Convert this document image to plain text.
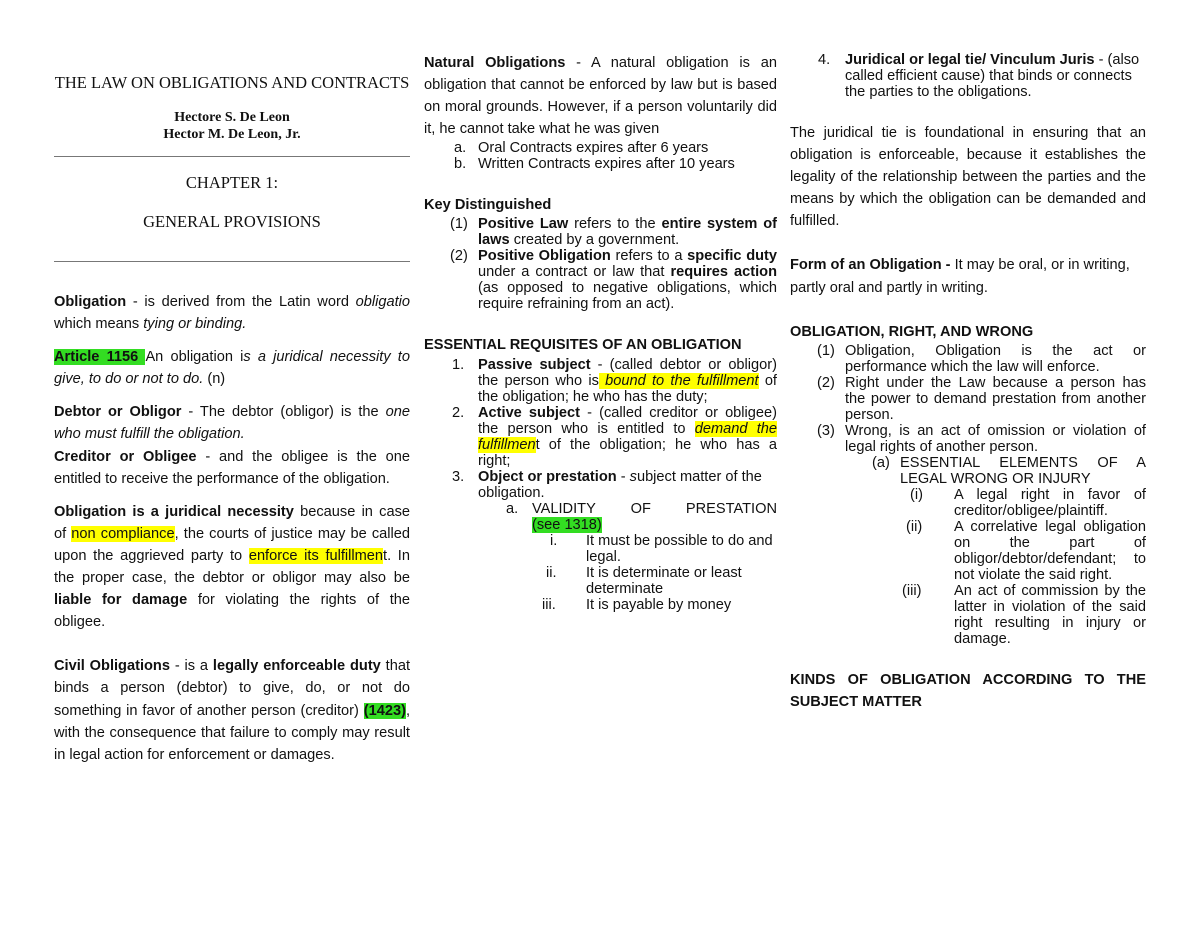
THE LAW ON OBLIGATIONS AND CONTRACTS

Hectore S. De Leon
Hector M. De Leon, Jr.

CHAPTER 1:

GENERAL PROVISIONS

Obligation - is derived from the Latin word obligatio which means tying or binding.

Article 1156 An obligation is a juridical necessity to give, to do or not to do. (n)

Debtor or Obligor - The debtor (obligor) is the one who must fulfill the obligation.

Creditor or Obligee - and the obligee is the one entitled to receive the performance of the obligation.

Obligation is a juridical necessity because in case of non compliance, the courts of justice may be called upon the aggrieved party to enforce its fulfillment. In the proper case, the debtor or obligor may also be liable for damage for violating the rights of the obligee.

Civil Obligations - is a legally enforceable duty that binds a person (debtor) to give, do, or not do something in favor of another person (creditor) (1423), with the consequence that failure to comply may result in legal action for enforcement or damages.

Natural Obligations - A natural obligation is an obligation that cannot be enforced by law but is based on moral grounds. However, if a person voluntarily did it, he cannot take what he was given

a. Oral Contracts expires after 6 years
b. Written Contracts expires after 10 years

Key Distinguished

(1) Positive Law refers to the entire system of laws created by a government.
(2) Positive Obligation refers to a specific duty under a contract or law that requires action (as opposed to negative obligations, which require refraining from an act).

ESSENTIAL REQUISITES OF AN OBLIGATION

1. Passive subject - (called debtor or obligor) the person who is bound to the fulfillment of the obligation; he who has the duty;
2. Active subject - (called creditor or obligee) the person who is entitled to demand the fulfillment of the obligation; he who has a right;
3. Object or prestation - subject matter of the obligation.
a. VALIDITY OF PRESTATION
(see 1318)
i.	It must be possible to do and legal.
ii.	It is determinate or least determinate
iii.	It is payable by money
4.	Juridical or legal tie/ Vinculum Juris - (also called efficient cause) that binds or connects the parties to the obligations.

The juridical tie is foundational in ensuring that an obligation is enforceable, because it establishes the legality of the relationship between the parties and the means by which the obligation can be demanded and fulfilled.

Form of an Obligation - It may be oral, or in writing, partly oral and partly in writing.

OBLIGATION, RIGHT, AND WRONG

(1) Obligation, Obligation is the act or performance which the law will enforce.
(2) Right under the Law because a person has the power to demand prestation from another person.
(3) Wrong, is an act of omission or violation of legal rights of another person.
(a) ESSENTIAL ELEMENTS OF A LEGAL WRONG OR INJURY
(i)	A legal right in favor of creditor/obligee/plaintiff.
(ii)	A correlative legal obligation on the part of obligor/debtor/defendant; to not violate the said right.
(iii)	An act of commission by the latter in violation of the said right resulting in injury or damage.

KINDS OF OBLIGATION ACCORDING TO THE SUBJECT MATTER
